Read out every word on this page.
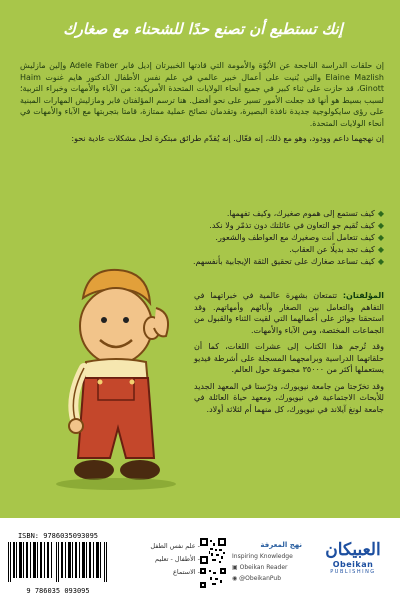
إنك تستطيع أن تصنع حدًا للشحناء مع صغارك

إن حلقات الدراسة الناجحة عن الأبُوّة والأمومة التي قادتها الخبيرتان إديل فابر Adele Faber وإلين مازليش Elaine Mazlish والتي بُنيت على أعمال خبير عالمي في علم نفس الأطفال الدكتور هايم غنوت Haim Ginott، قد حازت على ثناء كبير في جميع أنحاء الولايات المتحدة الأمريكية: من الآباء والأمهات وخبراء التربية؛ لسبب بسيط هو أنها قد جعلت الأمور تسير على نحو أفضل. هنا ترسم المؤلفتان فابر ومازليش المهارات المبنية على رؤى سايكولوجية جديدة نافذة البصيرة، وتقدمان نصائح عملية ممتازة، قامتا بتجربتها مع الآباء والأمهات في أنحاء الولايات المتحدة.

إن نهجهما داعم وودود، وهو مع ذلك، إنه فعّال. إنه يُقدّم طرائق مبتكرة لحل مشكلات عادية نحو:

◆
كيف تستمع إلى هموم صغيرك، وكيف تفهمها.
◆
كيف تُقيم جو التعاون في عائلتك دون تذمّر ولا نكد.
◆
كيف تتعامل أنت وصغيرك مع العواطف والشعور.
◆
كيف تجد بديلًا عن العقاب.
◆
كيف تساعد صغارك على تحقيق الثقة الإيجابية بأنفسهم.

المؤلفتان: تتمتعان بشهرة عالمية في خبراتهما في التفاهم والتعامل بين الصغار وآبائهم وأمهاتهم. وقد استحقتا جوائز على أعمالهما التي لقيت الثناء والقبول من الجماعات المختصة، ومن الآباء والأمهات.

وقد تُرجم هذا الكتاب إلى عشرات اللغات، كما أن حلقاتهما الدراسية وبرامجهما المسجلة على أشرطة فيديو يستعملها أكثر من ٣٥٠٠٠ مجموعة حول العالم.

وقد تخرّجتا من جامعة نيويورك، ودرّستا في المعهد الجديد للأبحاث الاجتماعية في نيويورك، ومعهد حياة العائلة في جامعة لونغ آيلاند في نيويورك، كل منهما أم لثلاثة أولاد.

ISBN: 9786035093095
9 786035 093095
- علم نفس الطفل
- الأطفال - تعليم
- الاستماع
نهج المعرفة
Inspiring Knowledge
▣ Obeikan Reader
◉ @ObeikanPub
العبيكان
Obeikan
PUBLISHING
